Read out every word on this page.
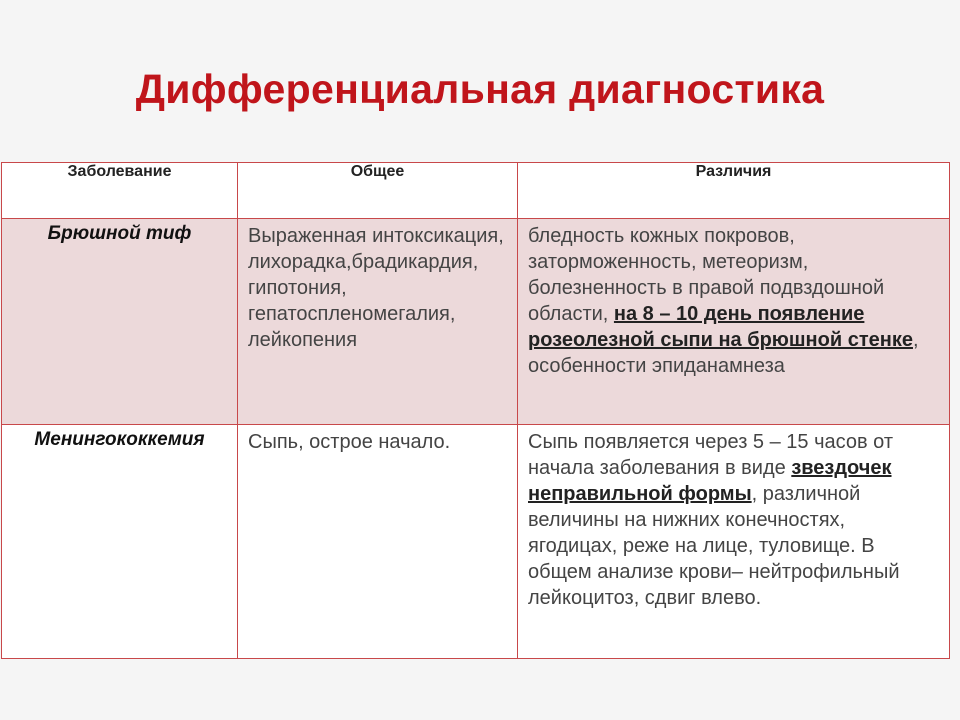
Дифференциальная диагностика
Заболевание	Общее	Различия

Брюшной тиф	Выраженная интоксикация, лихорадка,брадикардия, гипотония, гепатоспленомегалия, лейкопения	бледность кожных покровов, заторможенность, метеоризм, болезненность в правой подвздошной области, на 8 – 10 день появление розеолезной сыпи на брюшной стенке, особенности эпиданамнеза

Менингококкемия	Сыпь, острое начало.	Сыпь появляется через 5 – 15 часов от начала заболевания в виде звездочек неправильной формы, различной величины на нижних конечностях, ягодицах, реже на лице, туловище. В общем анализе крови– нейтрофильный лейкоцитоз, сдвиг влево.
